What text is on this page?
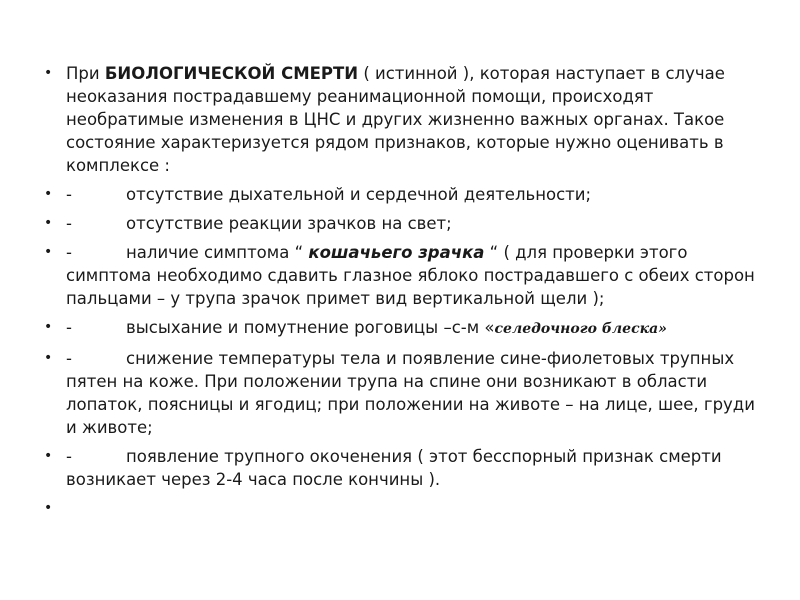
• При БИОЛОГИЧЕСКОЙ СМЕРТИ ( истинной ), которая наступает в случае неоказания пострадавшему реанимационной помощи, происходят необратимые изменения в ЦНС и других жизненно важных органах. Такое состояние характеризуется рядом признаков, которые нужно оценивать в комплексе :
• -	отсутствие дыхательной и сердечной деятельности;
• -	отсутствие реакции зрачков на свет;
• -	наличие симптома “ кошачьего зрачка “ ( для проверки этого симптома необходимо сдавить глазное яблоко пострадавшего с обеих сторон пальцами – у трупа зрачок примет вид вертикальной щели );
• -	высыхание и помутнение роговицы –с-м «селедочного блеска»
• -	снижение температуры тела и появление сине-фиолетовых трупных пятен на коже. При положении трупа на спине они возникают в области лопаток, поясницы и ягодиц; при положении на животе – на лице, шее, груди и животе;
• -	появление трупного окоченения ( этот бесспорный признак смерти возникает через 2-4 часа после кончины ).
•
